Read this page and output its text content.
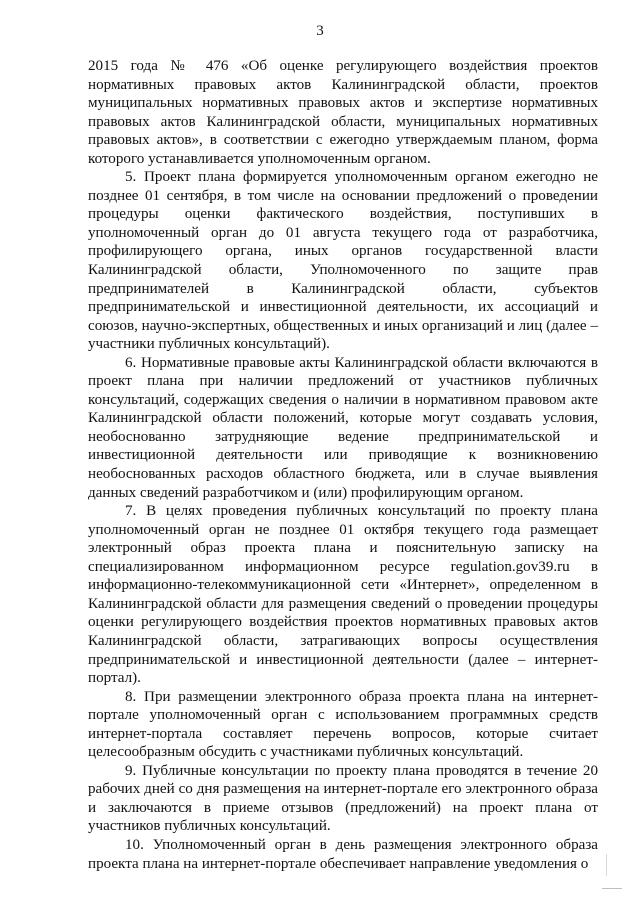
3

2015 года № 476 «Об оценке регулирующего воздействия проектов нормативных правовых актов Калининградской области, проектов муниципальных нормативных правовых актов и экспертизе нормативных правовых актов Калининградской области, муниципальных нормативных правовых актов», в соответствии с ежегодно утверждаемым планом, форма которого устанавливается уполномоченным органом.

5. Проект плана формируется уполномоченным органом ежегодно не позднее 01 сентября, в том числе на основании предложений о проведении процедуры оценки фактического воздействия, поступивших в уполномоченный орган до 01 августа текущего года от разработчика, профилирующего органа, иных органов государственной власти Калининградской области, Уполномоченного по защите прав предпринимателей в Калининградской области, субъектов предпринимательской и инвестиционной деятельности, их ассоциаций и союзов, научно-экспертных, общественных и иных организаций и лиц (далее – участники публичных консультаций).

6. Нормативные правовые акты Калининградской области включаются в проект плана при наличии предложений от участников публичных консультаций, содержащих сведения о наличии в нормативном правовом акте Калининградской области положений, которые могут создавать условия, необоснованно затрудняющие ведение предпринимательской и инвестиционной деятельности или приводящие к возникновению необоснованных расходов областного бюджета, или в случае выявления данных сведений разработчиком и (или) профилирующим органом.

7. В целях проведения публичных консультаций по проекту плана уполномоченный орган не позднее 01 октября текущего года размещает электронный образ проекта плана и пояснительную записку на специализированном информационном ресурсе regulation.gov39.ru в информационно-телекоммуникационной сети «Интернет», определенном в Калининградской области для размещения сведений о проведении процедуры оценки регулирующего воздействия проектов нормативных правовых актов Калининградской области, затрагивающих вопросы осуществления предпринимательской и инвестиционной деятельности (далее – интернет-портал).

8. При размещении электронного образа проекта плана на интернет-портале уполномоченный орган с использованием программных средств интернет-портала составляет перечень вопросов, которые считает целесообразным обсудить с участниками публичных консультаций.

9. Публичные консультации по проекту плана проводятся в течение 20 рабочих дней со дня размещения на интернет-портале его электронного образа и заключаются в приеме отзывов (предложений) на проект плана от участников публичных консультаций.

10. Уполномоченный орган в день размещения электронного образа проекта плана на интернет-портале обеспечивает направление уведомления о
